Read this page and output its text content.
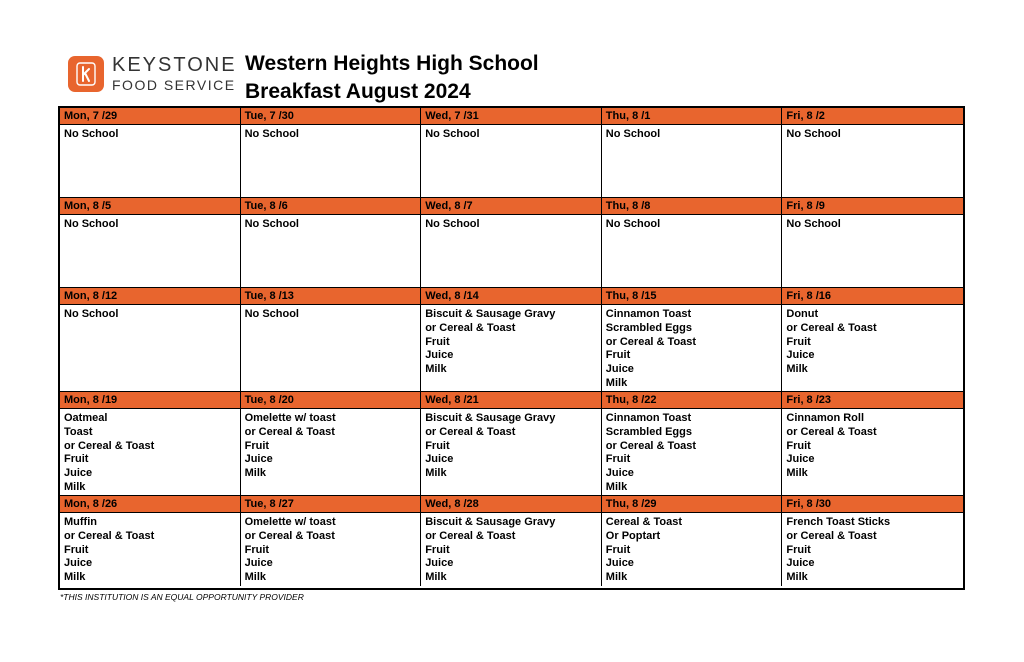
KEYSTONE
FOOD SERVICE
Western Heights High School
Breakfast August 2024
Mon, 7 /29
No School
Tue, 7 /30
No School
Wed, 7 /31
No School
Thu, 8 /1
No School
Fri, 8 /2
No School
Mon, 8 /5
No School
Tue, 8 /6
No School
Wed, 8 /7
No School
Thu, 8 /8
No School
Fri, 8 /9
No School
Mon, 8 /12
No School
Tue, 8 /13
No School
Wed, 8 /14
Biscuit & Sausage Gravy
or Cereal & Toast
Fruit
Juice
Milk
Thu, 8 /15
Cinnamon Toast
Scrambled Eggs
or Cereal & Toast
Fruit
Juice
Milk
Fri, 8 /16
Donut
or Cereal & Toast
Fruit
Juice
Milk
Mon, 8 /19
Oatmeal
Toast
or Cereal & Toast
Fruit
Juice
Milk
Tue, 8 /20
Omelette w/ toast
or Cereal & Toast
Fruit
Juice
Milk
Wed, 8 /21
Biscuit & Sausage Gravy
or Cereal & Toast
Fruit
Juice
Milk
Thu, 8 /22
Cinnamon Toast
Scrambled Eggs
or Cereal & Toast
Fruit
Juice
Milk
Fri, 8 /23
Cinnamon Roll
or Cereal & Toast
Fruit
Juice
Milk
Mon, 8 /26
Muffin
or Cereal & Toast
Fruit
Juice
Milk
Tue, 8 /27
Omelette w/ toast
or Cereal & Toast
Fruit
Juice
Milk
Wed, 8 /28
Biscuit & Sausage Gravy
or Cereal & Toast
Fruit
Juice
Milk
Thu, 8 /29
Cereal & Toast
Or Poptart
Fruit
Juice
Milk
Fri, 8 /30
French Toast Sticks
or Cereal & Toast
Fruit
Juice
Milk
*THIS INSTITUTION IS AN EQUAL OPPORTUNITY PROVIDER
